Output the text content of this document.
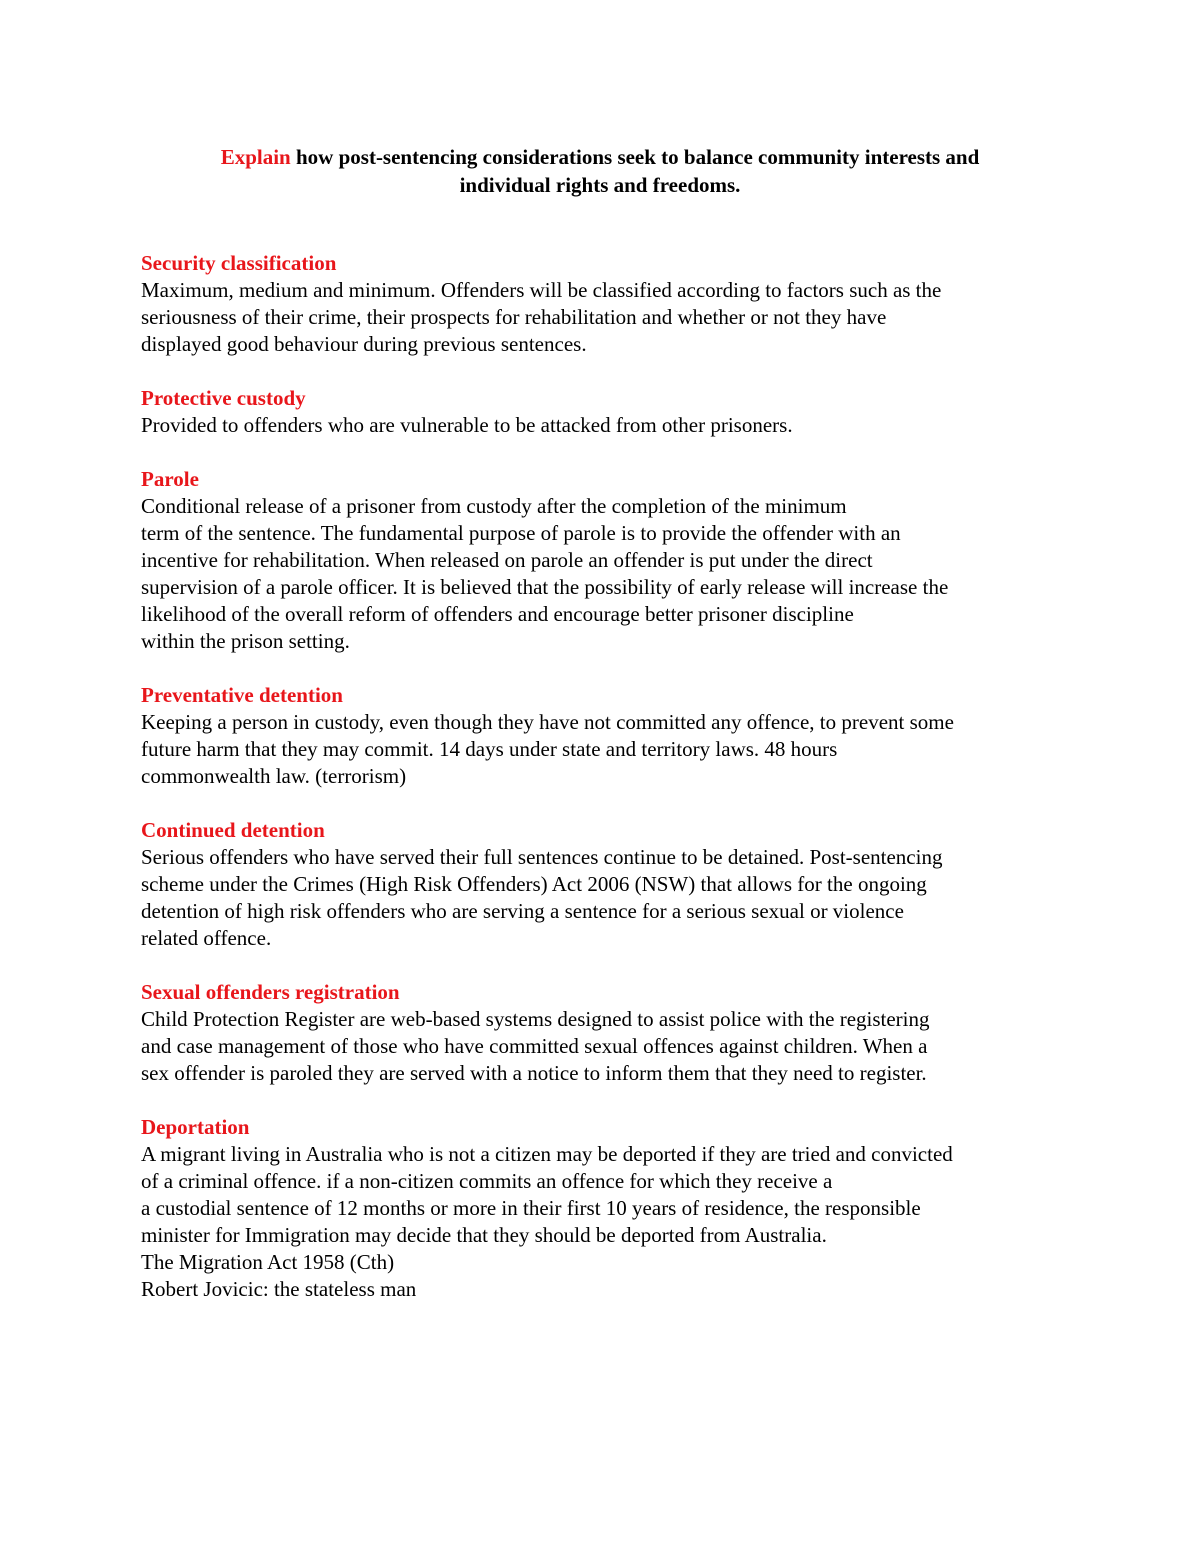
Explain how post-sentencing considerations seek to balance community interests and
individual rights and freedoms.
Security classification
Maximum, medium and minimum. Offenders will be classified according to factors such as the
seriousness of their crime, their prospects for rehabilitation and whether or not they have
displayed good behaviour during previous sentences.
Protective custody
Provided to offenders who are vulnerable to be attacked from other prisoners.
Parole
Conditional release of a prisoner from custody after the completion of the minimum
term of the sentence. The fundamental purpose of parole is to provide the offender with an
incentive for rehabilitation. When released on parole an offender is put under the direct
supervision of a parole officer. It is believed that the possibility of early release will increase the
likelihood of the overall reform of offenders and encourage better prisoner discipline
within the prison setting.
Preventative detention
Keeping a person in custody, even though they have not committed any offence, to prevent some
future harm that they may commit. 14 days under state and territory laws. 48 hours
commonwealth law. (terrorism)
Continued detention
Serious offenders who have served their full sentences continue to be detained. Post-sentencing
scheme under the Crimes (High Risk Offenders) Act 2006 (NSW) that allows for the ongoing
detention of high risk offenders who are serving a sentence for a serious sexual or violence
related offence.
Sexual offenders registration
Child Protection Register are web-based systems designed to assist police with the registering
and case management of those who have committed sexual offences against children. When a
sex offender is paroled they are served with a notice to inform them that they need to register.
Deportation
A migrant living in Australia who is not a citizen may be deported if they are tried and convicted
of a criminal offence. if a non-citizen commits an offence for which they receive a
a custodial sentence of 12 months or more in their first 10 years of residence, the responsible
minister for Immigration may decide that they should be deported from Australia.
The Migration Act 1958 (Cth)
Robert Jovicic: the stateless man
